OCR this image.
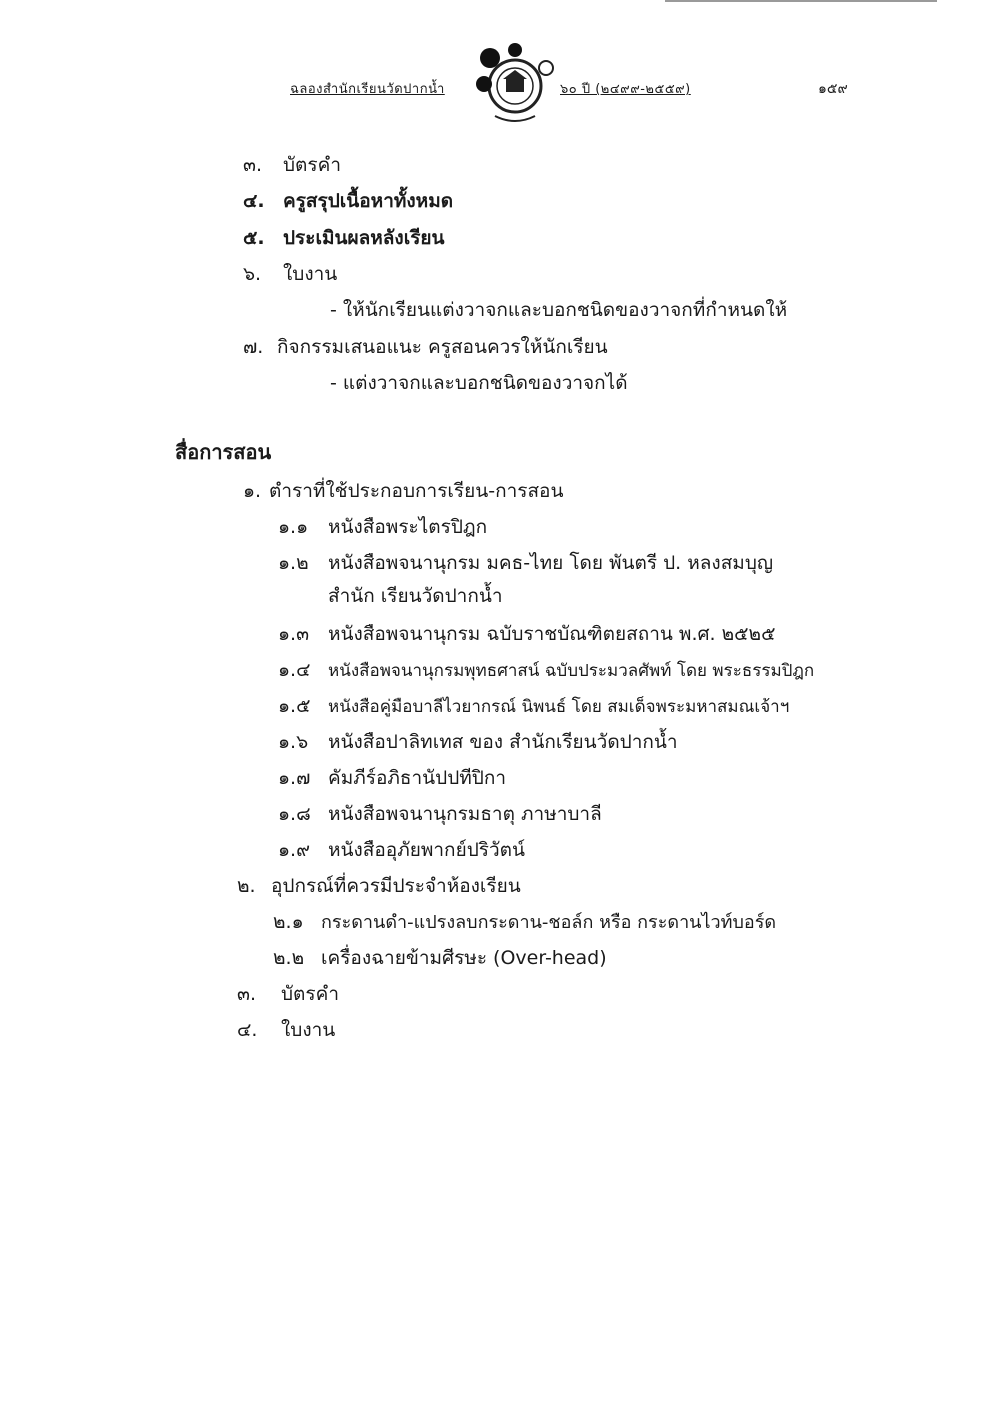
ฉลองสำนักเรียนวัดปากน้ำ	๖๐ ปี (๒๔๙๙-๒๕๕๙)	๑๕๙
๓. บัตรคำ
๔. ครูสรุปเนื้อหาทั้งหมด
๕. ประเมินผลหลังเรียน
๖. ใบงาน
- ให้นักเรียนแต่งวาจกและบอกชนิดของวาจกที่กำหนดให้
๗. กิจกรรมเสนอแนะ ครูสอนควรให้นักเรียน
- แต่งวาจกและบอกชนิดของวาจกได้
สื่อการสอน
๑. ตำราที่ใช้ประกอบการเรียน-การสอน
๑.๑ หนังสือพระไตรปิฎก
๑.๒ หนังสือพจนานุกรม มคธ-ไทย โดย พันตรี ป. หลงสมบุญ
สำนัก เรียนวัดปากน้ำ
๑.๓ หนังสือพจนานุกรม ฉบับราชบัณฑิตยสถาน พ.ศ. ๒๕๒๕
๑.๔ หนังสือพจนานุกรมพุทธศาสน์ ฉบับประมวลศัพท์ โดย พระธรรมปิฎก
๑.๕ หนังสือคู่มือบาลีไวยากรณ์ นิพนธ์ โดย สมเด็จพระมหาสมณเจ้าฯ
๑.๖ หนังสือปาลิทเทส ของ สำนักเรียนวัดปากน้ำ
๑.๗ คัมภีร์อภิธานัปปทีปิกา
๑.๘ หนังสือพจนานุกรมธาตุ ภาษาบาลี
๑.๙ หนังสืออุภัยพากย์ปริวัตน์
๒. อุปกรณ์ที่ควรมีประจำห้องเรียน
๒.๑ กระดานดำ-แปรงลบกระดาน-ชอล์ก หรือ กระดานไวท์บอร์ด
๒.๒ เครื่องฉายข้ามศีรษะ (Over-head)
๓. บัตรคำ
๔. ใบงาน
